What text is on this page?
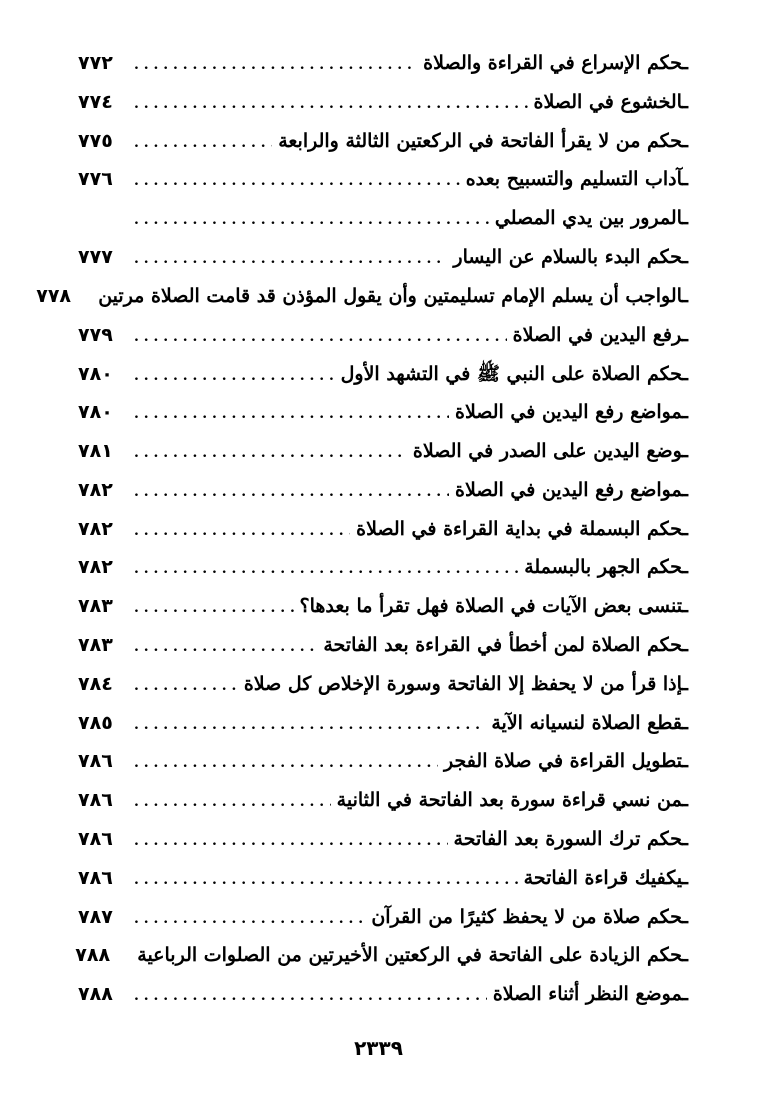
ـحكم الإسراع في القراءة والصلاة
. . .
٧٧٢
ـالخشوع في الصلاة
. . .
٧٧٤
ـحكم من لا يقرأ الفاتحة في الركعتين الثالثة والرابعة
. . .
٧٧٥
ـآداب التسليم والتسبيح بعده
. . .
٧٧٦
ـالمرور بين يدي المصلي
. . .
ـحكم البدء بالسلام عن اليسار
. . .
٧٧٧
ـالواجب أن يسلم الإمام تسليمتين وأن يقول المؤذن قد قامت الصلاة مرتين
٧٧٨
ـرفع اليدين في الصلاة
. . .
٧٧٩
ـحكم الصلاة على النبي ﷺ في التشهد الأول
. . .
٧٨٠
ـمواضع رفع اليدين في الصلاة
. . .
٧٨٠
ـوضع اليدين على الصدر في الصلاة
. . .
٧٨١
ـمواضع رفع اليدين في الصلاة
. . .
٧٨٢
ـحكم البسملة في بداية القراءة في الصلاة
. . .
٧٨٢
ـحكم الجهر بالبسملة
. . .
٧٨٢
ـتنسى بعض الآيات في الصلاة فهل تقرأ ما بعدها؟
. . .
٧٨٣
ـحكم الصلاة لمن أخطأ في القراءة بعد الفاتحة
. . .
٧٨٣
ـإذا قرأ من لا يحفظ إلا الفاتحة وسورة الإخلاص كل صلاة
. . .
٧٨٤
ـقطع الصلاة لنسيانه الآية
. . .
٧٨٥
ـتطويل القراءة في صلاة الفجر
. . .
٧٨٦
ـمن نسي قراءة سورة بعد الفاتحة في الثانية
. . .
٧٨٦
ـحكم ترك السورة بعد الفاتحة
. . .
٧٨٦
ـيكفيك قراءة الفاتحة
. . .
٧٨٦
ـحكم صلاة من لا يحفظ كثيرًا من القرآن
. . .
٧٨٧
ـحكم الزيادة على الفاتحة في الركعتين الأخيرتين من الصلوات الرباعية
٧٨٨
ـموضع النظر أثناء الصلاة
. . .
٧٨٨
٢٣٣٩
